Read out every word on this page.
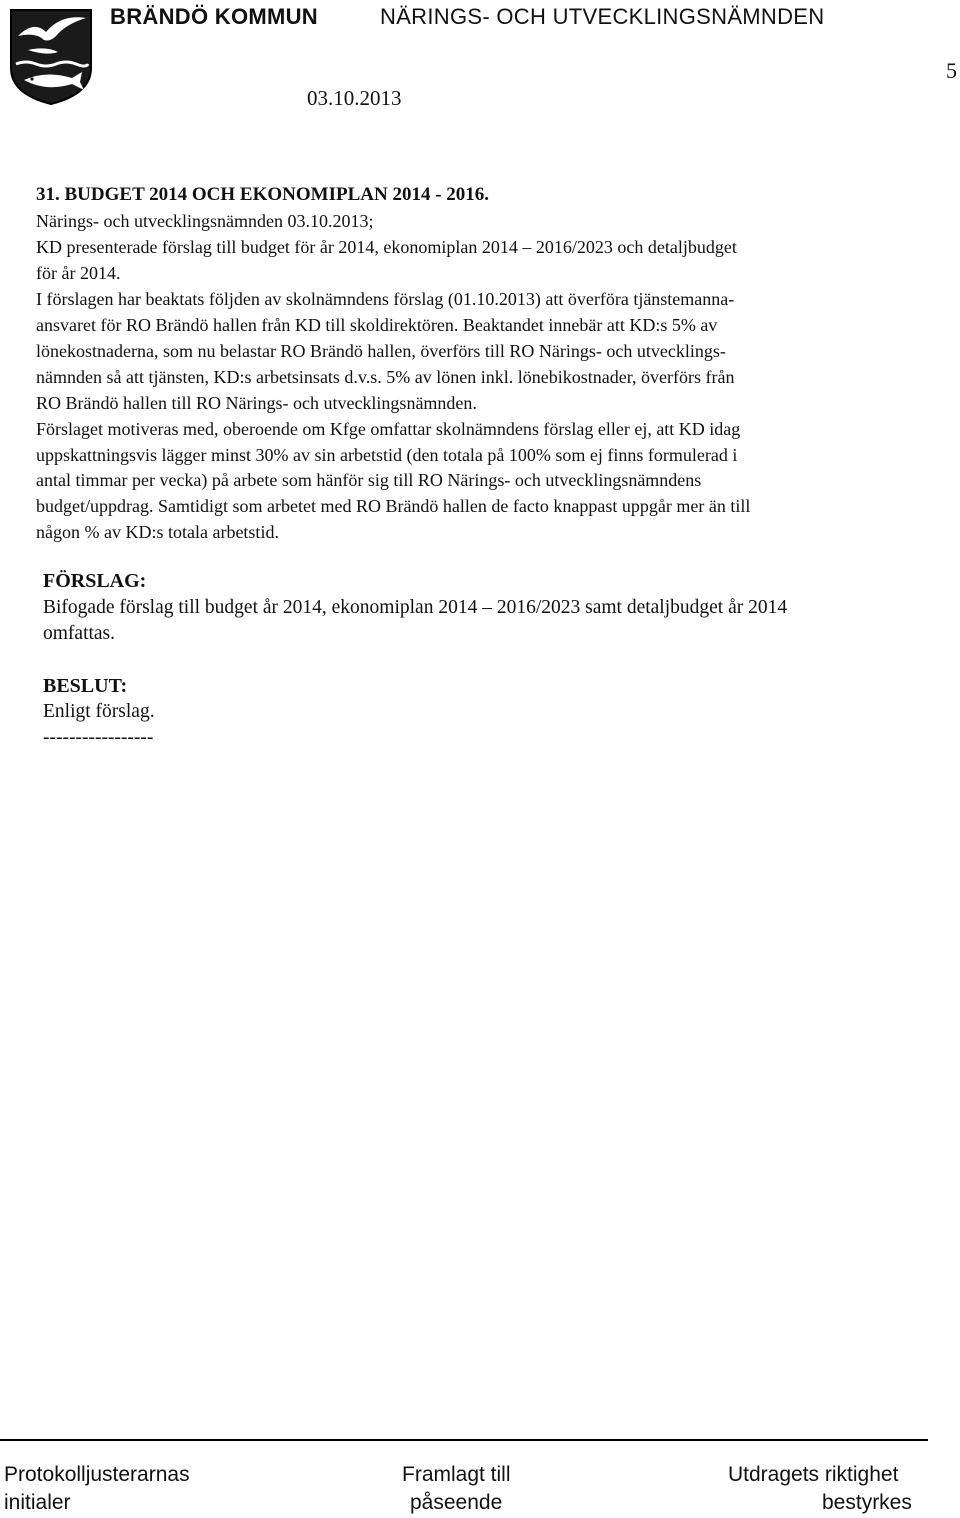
BRÄNDÖ KOMMUN	NÄRINGS- OCH UTVECKLINGSNÄMNDEN
03.10.2013
5
31. BUDGET 2014 OCH EKONOMIPLAN 2014 - 2016.
Närings- och utvecklingsnämnden 03.10.2013;
KD presenterade förslag till budget för år 2014, ekonomiplan 2014 – 2016/2023 och detaljbudget
för år 2014.
I förslagen har beaktats följden av skolnämndens förslag (01.10.2013) att överföra tjänstemanna-
ansvaret för RO Brändö hallen från KD till skoldirektören. Beaktandet innebär att KD:s 5% av
lönekostnaderna, som nu belastar RO Brändö hallen, överförs till RO Närings- och utvecklings-
nämnden så att tjänsten, KD:s arbetsinsats d.v.s. 5% av lönen inkl. lönebikostnader, överförs från
RO Brändö hallen till RO Närings- och utvecklingsnämnden.
Förslaget motiveras med, oberoende om Kfge omfattar skolnämndens förslag eller ej, att KD idag
uppskattningsvis lägger minst 30% av sin arbetstid (den totala på 100% som ej finns formulerad i
antal timmar per vecka) på arbete som hänför sig till RO Närings- och utvecklingsnämndens
budget/uppdrag. Samtidigt som arbetet med RO Brändö hallen de facto knappast uppgår mer än till
någon % av KD:s totala arbetstid.
FÖRSLAG:
Bifogade förslag till budget år 2014, ekonomiplan 2014 – 2016/2023 samt detaljbudget år 2014
omfattas.
BESLUT:
Enligt förslag.
-----------------
Protokolljusterarnas
initialer
Framlagt till
påseende
Utdragets riktighet
bestyrkes
